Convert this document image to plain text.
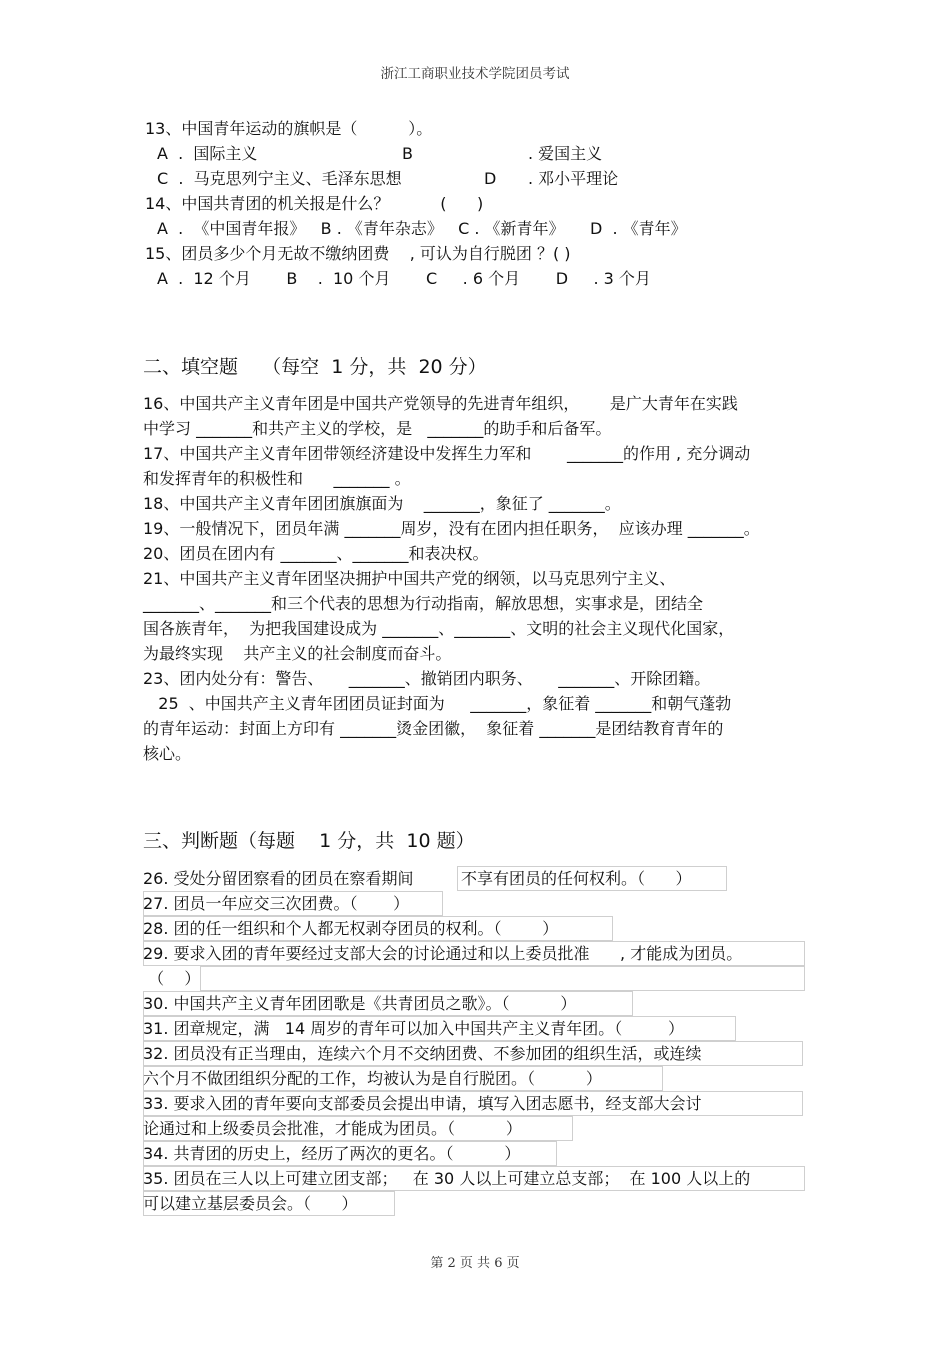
浙江工商职业技术学院团员考试
13、中国青年运动的旗帜是（          ）。
A  .  国际主义	B	. 爱国主义
C  .  马克思列宁主义、毛泽东思想	D . 邓小平理论
14、中国共青团的机关报是什么？          (      )
A  .  《中国青年报》   B . 《青年杂志》   C . 《新青年》     D  . 《青年》
15、团员多少个月无故不缴纳团费    , 可认为自行脱团 ？( )
A  .  12 个月       B    .  10 个月       C     . 6 个月       D     . 3 个月
二、填空题    （每空  1 分，共  20 分）
16、中国共产主义青年团是中国共产党领导的先进青年组织，      是广大青年在实践
中学习 _______和共产主义的学校，是   _______的助手和后备军。
17、中国共产主义青年团带领经济建设中发挥生力军和       _______的作用 , 充分调动
和发挥青年的积极性和      _______ 。
18、中国共产主义青年团团旗旗面为    _______，象征了 _______。
19、一般情况下，团员年满 _______周岁，没有在团内担任职务，  应该办理 _______。
20、团员在团内有 _______、_______和表决权。
21、中国共产主义青年团坚决拥护中国共产党的纲领，以马克思列宁主义、
_______、_______和三个代表的思想为行动指南，解放思想，实事求是，团结全
国各族青年，  为把我国建设成为 _______、_______、文明的社会主义现代化国家，
为最终实现    共产主义的社会制度而奋斗。
23、团内处分有：警告、     _______、撤销团内职务、     _______、开除团籍。
25  、中国共产主义青年团团员证封面为     _______，象征着 _______和朝气蓬勃
的青年运动：封面上方印有 _______烫金团徽，  象征着 _______是团结教育青年的
核心。
三、判断题（每题    1 分，共  10 题）
26. 受处分留团察看的团员在察看期间	不享有团员的任何权利。（      ）
27. 团员一年应交三次团费。（       ）
28. 团的任一组织和个人都无权剥夺团员的权利。（        ）
29. 要求入团的青年要经过支部大会的讨论通过和以上委员批准      , 才能成为团员。
（    ）
30. 中国共产主义青年团团歌是《共青团员之歌》。（          ）
31. 团章规定，满   14 周岁的青年可以加入中国共产主义青年团。（         ）
32. 团员没有正当理由，连续六个月不交纳团费、不参加团的组织生活，或连续
六个月不做团组织分配的工作，均被认为是自行脱团。（          ）
33. 要求入团的青年要向支部委员会提出申请，填写入团志愿书，经支部大会讨
论通过和上级委员会批准，才能成为团员。（          ）
34. 共青团的历史上，经历了两次的更名。（          ）
35. 团员在三人以上可建立团支部；   在 30 人以上可建立总支部；  在 100 人以上的
可以建立基层委员会。（      ）
第 2 页 共 6 页
